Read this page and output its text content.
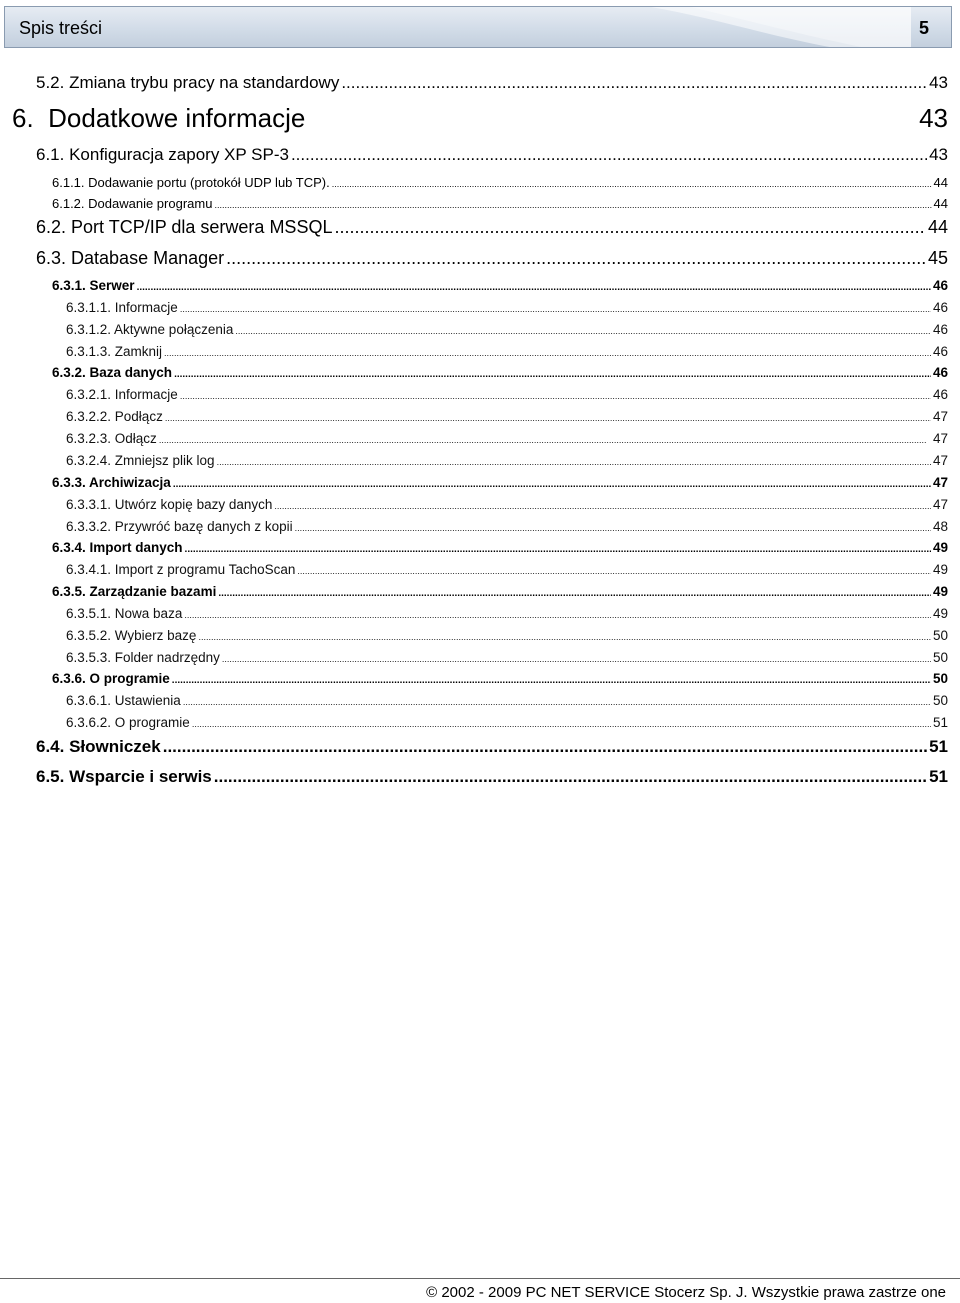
Spis treści	5
5.2. Zmiana trybu pracy na standardowy .....	43
6.  Dodatkowe informacje	43
6.1. Konfiguracja zapory XP SP-3 .....	43
6.1.1. Dodawanie portu (protokół UDP lub TCP). .....	44
6.1.2. Dodawanie programu .....	44
6.2. Port TCP/IP dla serwera MSSQL .....	44
6.3. Database Manager .....	45
6.3.1. Serwer .....	46
6.3.1.1. Informacje .....	46
6.3.1.2. Aktywne połączenia .....	46
6.3.1.3. Zamknij .....	46
6.3.2. Baza danych .....	46
6.3.2.1. Informacje .....	46
6.3.2.2. Podłącz .....	47
6.3.2.3. Odłącz .....	47
6.3.2.4. Zmniejsz plik log .....	47
6.3.3. Archiwizacja .....	47
6.3.3.1. Utwórz kopię bazy danych .....	47
6.3.3.2. Przywróć bazę danych z kopii .....	48
6.3.4. Import danych .....	49
6.3.4.1. Import z programu TachoScan .....	49
6.3.5. Zarządzanie bazami .....	49
6.3.5.1. Nowa baza .....	49
6.3.5.2. Wybierz bazę .....	50
6.3.5.3. Folder nadrzędny .....	50
6.3.6. O programie .....	50
6.3.6.1. Ustawienia .....	50
6.3.6.2. O programie .....	51
6.4. Słowniczek .....	51
6.5. Wsparcie i serwis .....	51
© 2002 - 2009 PC NET SERVICE Stocerz Sp. J. Wszystkie prawa zastrze one
